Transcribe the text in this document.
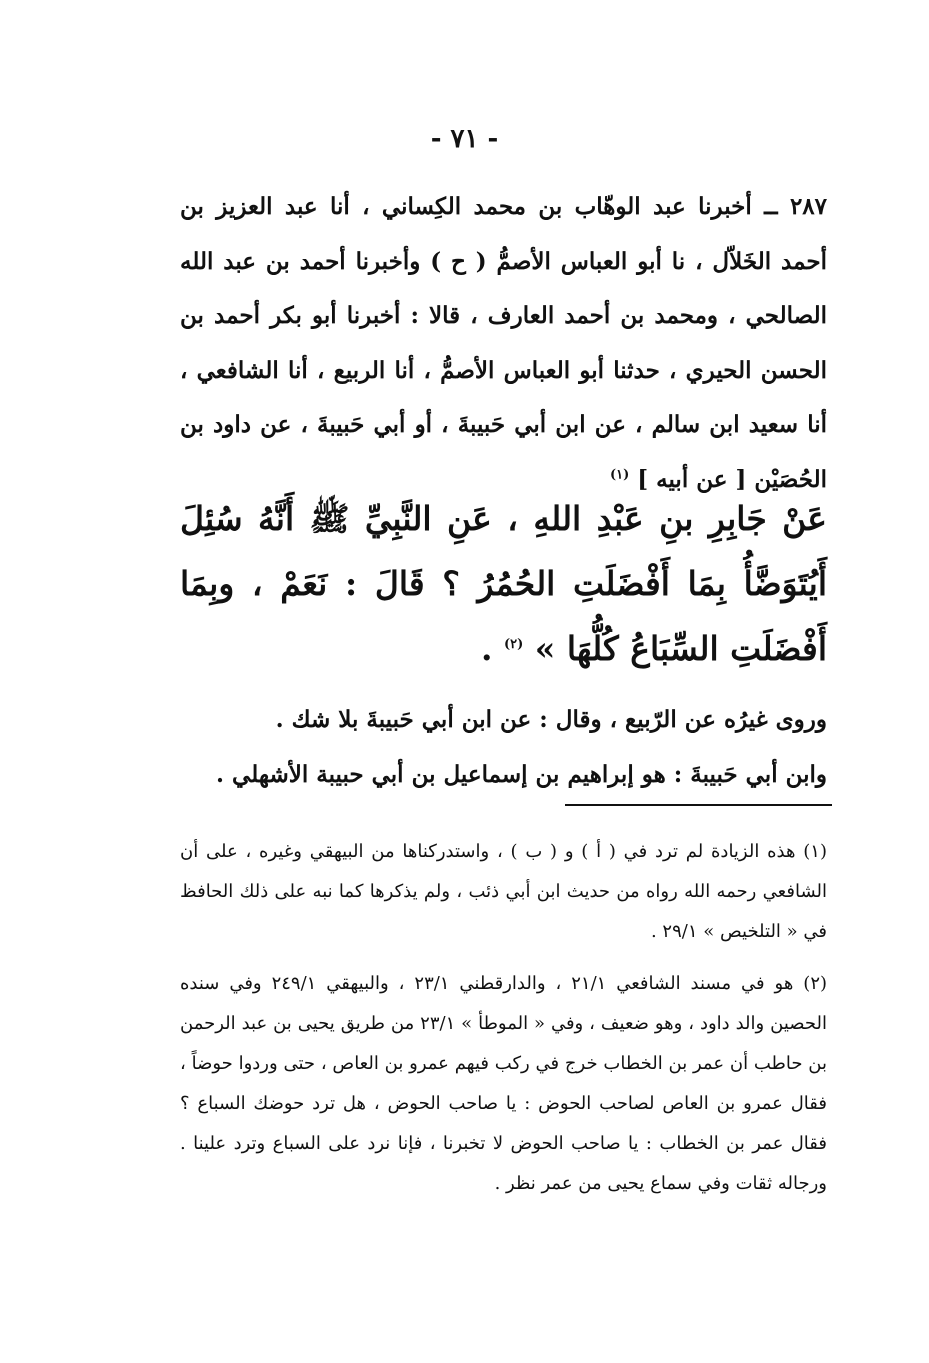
- ٧١ -

٢٨٧ ــ أخبرنا عبد الوهّاب بن محمد الكِساني ، أنا عبد العزيز بن أحمد الخَلاّل ، نا أبو العباس الأصمُّ ( ح ) وأخبرنا أحمد بن عبد الله الصالحي ، ومحمد بن أحمد العارف ، قالا : أخبرنا أبو بكر أحمد بن الحسن الحيري ، حدثنا أبو العباس الأصمُّ ، أنا الربيع ، أنا الشافعي ، أنا سعيد ابن سالم ، عن ابن أبي حَبيبةَ ، أو أبي حَبيبةَ ، عن داود بن الحُصَيْن [ عن أبيه ] $^{(١)}$

عَنْ جَابِرِ بنِ عَبْدِ اللهِ ، عَنِ النَّبِيِّ ﷺ أَنَّهُ سُئِلَ أَيُتَوَضَّأُ بِمَا أَفْضَلَتِ الحُمُرُ ؟ قَالَ : نَعَمْ ، وبِمَا أَفْضَلَتِ السِّبَاعُ كُلُّهَا » $^{(٢)}$ .

وروى غيرُه عن الرّبيع ، وقال : عن ابن أبي حَبيبةَ بلا شك .

وابن أبي حَبيبةَ : هو إبراهيم بن إسماعيل بن أبي حبيبة الأشهلي .

(١) هذه الزيادة لم ترد في ( أ ) و ( ب ) ، واستدركناها من البيهقي وغيره ، على أن الشافعي رحمه الله رواه من حديث ابن أبي ذئب ، ولم يذكرها كما نبه على ذلك الحافظ في « التلخيص » ٢٩/١ .

(٢) هو في مسند الشافعي ٢١/١ ، والدارقطني ٢٣/١ ، والبيهقي ٢٤٩/١ وفي سنده الحصين والد داود ، وهو ضعيف ، وفي « الموطأ » ٢٣/١ من طريق يحيى بن عبد الرحمن بن حاطب أن عمر بن الخطاب خرج في ركب فيهم عمرو بن العاص ، حتى وردوا حوضاً ، فقال عمرو بن العاص لصاحب الحوض : يا صاحب الحوض ، هل ترد حوضك السباع ؟ فقال عمر بن الخطاب : يا صاحب الحوض لا تخبرنا ، فإنا نرد على السباع وترد علينا . ورجاله ثقات وفي سماع يحيى من عمر نظر .
